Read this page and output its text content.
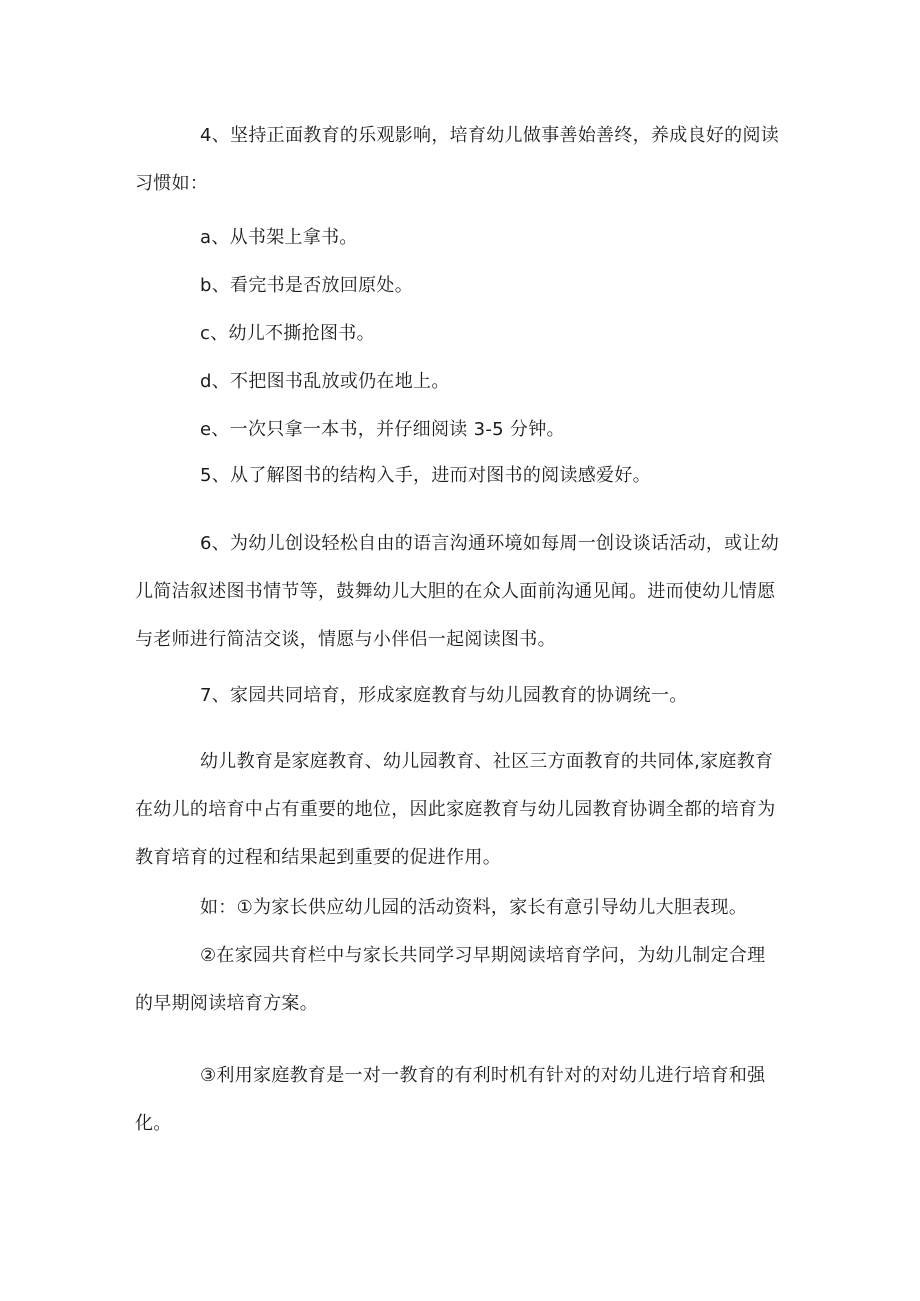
4、坚持正面教育的乐观影响，培育幼儿做事善始善终，养成良好的阅读
习惯如：
a、从书架上拿书。
b、看完书是否放回原处。
c、幼儿不撕抢图书。
d、不把图书乱放或仍在地上。
e、一次只拿一本书，并仔细阅读 3-5 分钟。
5、从了解图书的结构入手，进而对图书的阅读感爱好。
6、为幼儿创设轻松自由的语言沟通环境如每周一创设谈话活动，或让幼
儿简洁叙述图书情节等，鼓舞幼儿大胆的在众人面前沟通见闻。进而使幼儿情愿
与老师进行简洁交谈，情愿与小伴侣一起阅读图书。
7、家园共同培育，形成家庭教育与幼儿园教育的协调统一。
幼儿教育是家庭教育、幼儿园教育、社区三方面教育的共同体,家庭教育
在幼儿的培育中占有重要的地位，因此家庭教育与幼儿园教育协调全都的培育为
教育培育的过程和结果起到重要的促进作用。
如：①为家长供应幼儿园的活动资料，家长有意引导幼儿大胆表现。
②在家园共育栏中与家长共同学习早期阅读培育学问，为幼儿制定合理
的早期阅读培育方案。
③利用家庭教育是一对一教育的有利时机有针对的对幼儿进行培育和强
化。
